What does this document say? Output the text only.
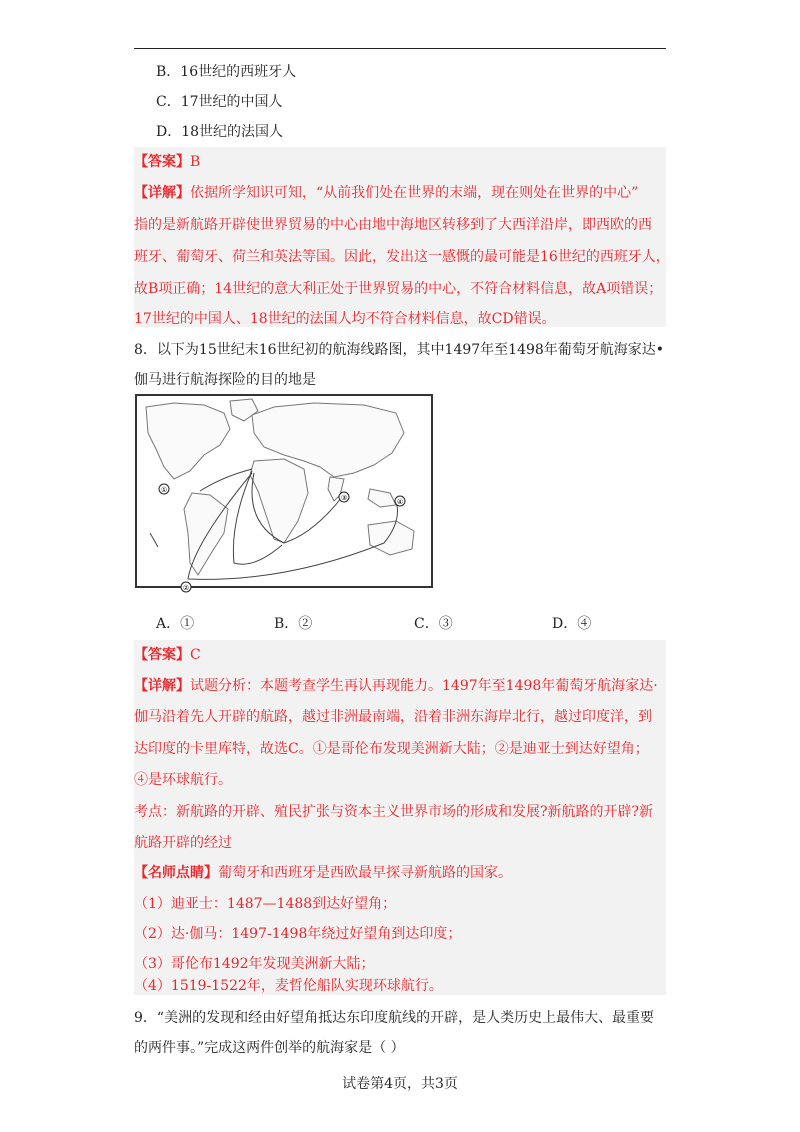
B．16世纪的西班牙人
C．17世纪的中国人
D．18世纪的法国人
【答案】B
【详解】依据所学知识可知，“从前我们处在世界的末端，现在则处在世界的中心”
指的是新航路开辟使世界贸易的中心由地中海地区转移到了大西洋沿岸，即西欧的西
班牙、葡萄牙、荷兰和英法等国。因此，发出这一感慨的最可能是16世纪的西班牙人，
故B项正确；14世纪的意大利正处于世界贸易的中心，不符合材料信息，故A项错误；
17世纪的中国人、18世纪的法国人均不符合材料信息，故CD错误。
8．以下为15世纪末16世纪初的航海线路图，其中1497年至1498年葡萄牙航海家达•
伽马进行航海探险的目的地是
①
②
③	④
A．①	B．②	C．③	D．④
【答案】C
【详解】试题分析：本题考查学生再认再现能力。1497年至1498年葡萄牙航海家达·
伽马沿着先人开辟的航路，越过非洲最南端，沿着非洲东海岸北行，越过印度洋，到
达印度的卡里库特，故选C。①是哥伦布发现美洲新大陆；②是迪亚士到达好望角；
④是环球航行。
考点：新航路的开辟、殖民扩张与资本主义世界市场的形成和发展?新航路的开辟?新
航路开辟的经过
【名师点睛】葡萄牙和西班牙是西欧最早探寻新航路的国家。
（1）迪亚士：1487—1488到达好望角；
（2）达·伽马：1497-1498年绕过好望角到达印度；
（3）哥伦布1492年发现美洲新大陆；
（4）1519-1522年，麦哲伦船队实现环球航行。
9．“美洲的发现和经由好望角抵达东印度航线的开辟，是人类历史上最伟大、最重要
的两件事。”完成这两件创举的航海家是（ ）
试卷第4页，共3页
